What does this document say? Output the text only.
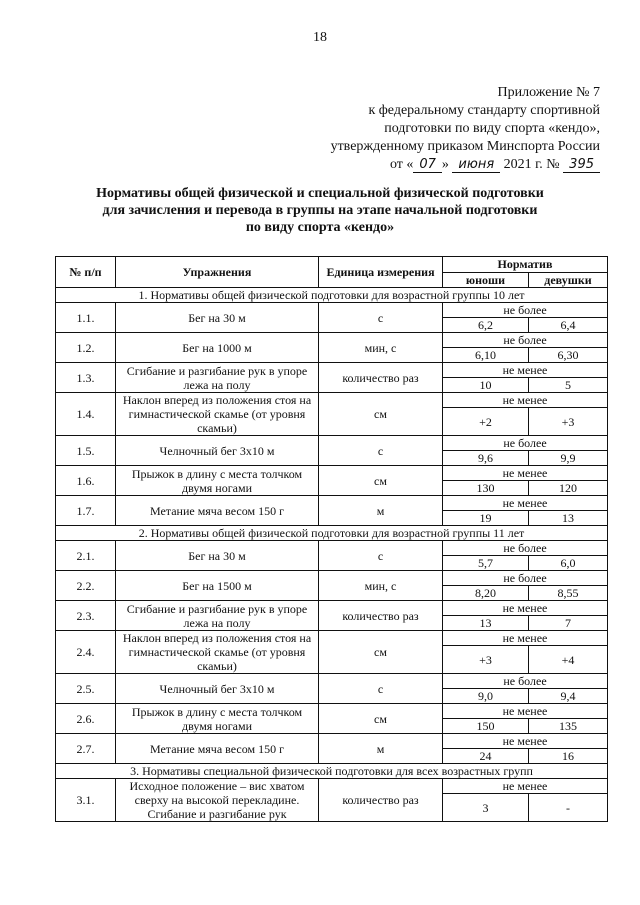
18
Приложение № 7
к федеральному стандарту спортивной
подготовки по виду спорта «кендо»,
утвержденному приказом Минспорта России
от « 07 » июня 2021 г. № 395
Нормативы общей физической и специальной физической подготовки
для зачисления и перевода в группы на этапе начальной подготовки
по виду спорта «кендо»
№ п/п	Упражнения	Единица измерения	Норматив	
			юноши	девушки
1. Нормативы общей физической подготовки для возрастной группы 10 лет				
1.1.	Бег на 30 м	с	не более	
			6,2	6,4
1.2.	Бег на 1000 м	мин, с	не более	
			6,10	6,30
1.3.	Сгибание и разгибание рук в упоре лежа на полу	количество раз	не менее	
			10	5
1.4.	Наклон вперед из положения стоя на гимнастической скамье (от уровня скамьи)	см	не менее	
			+2	+3
1.5.	Челночный бег 3х10 м	с	не более	
			9,6	9,9
1.6.	Прыжок в длину с места толчком двумя ногами	см	не менее	
			130	120
1.7.	Метание мяча весом 150 г	м	не менее	
			19	13
2. Нормативы общей физической подготовки для возрастной группы 11 лет				
2.1.	Бег на 30 м	с	не более	
			5,7	6,0
2.2.	Бег на 1500 м	мин, с	не более	
			8,20	8,55
2.3.	Сгибание и разгибание рук в упоре лежа на полу	количество раз	не менее	
			13	7
2.4.	Наклон вперед из положения стоя на гимнастической скамье (от уровня скамьи)	см	не менее	
			+3	+4
2.5.	Челночный бег 3х10 м	с	не более	
			9,0	9,4
2.6.	Прыжок в длину с места толчком двумя ногами	см	не менее	
			150	135
2.7.	Метание мяча весом 150 г	м	не менее	
			24	16
3. Нормативы специальной физической подготовки для всех возрастных групп				
3.1.	Исходное положение – вис хватом сверху на высокой перекладине. Сгибание и разгибание рук	количество раз	не менее	
			3	-
